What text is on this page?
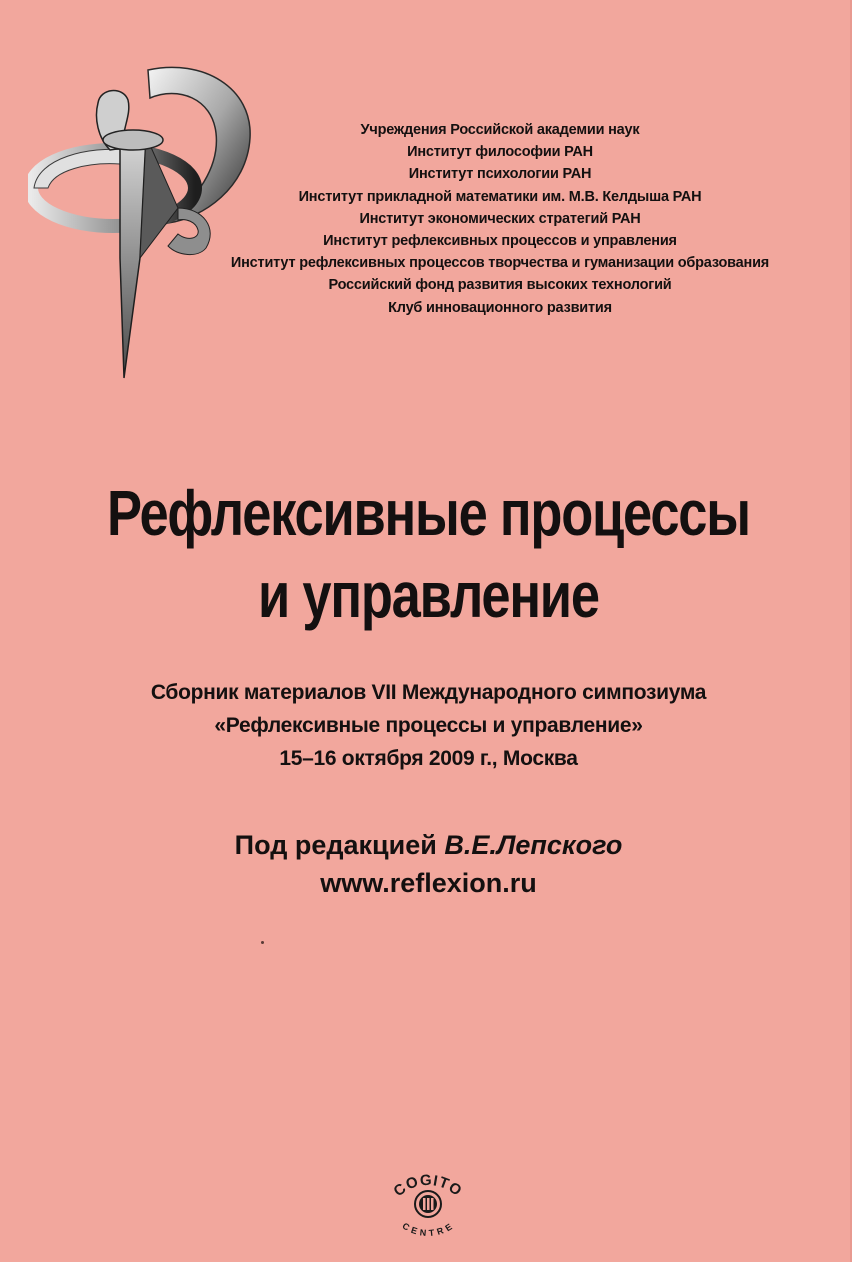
Учреждения Российской академии наук
Институт философии РАН
Институт психологии РАН
Институт прикладной математики им. М.В. Келдыша РАН
Институт экономических стратегий РАН
Институт рефлексивных процессов и управления
Институт рефлексивных процессов творчества и гуманизации образования
Российский фонд развития высоких технологий
Клуб инновационного развития
Рефлексивные процессы
и управление
Сборник материалов VII Международного симпозиума
«Рефлексивные процессы и управление»
15–16 октября 2009 г., Москва
Под редакцией В.Е.Лепского
www.reflexion.ru
COGITO
CENTRE
